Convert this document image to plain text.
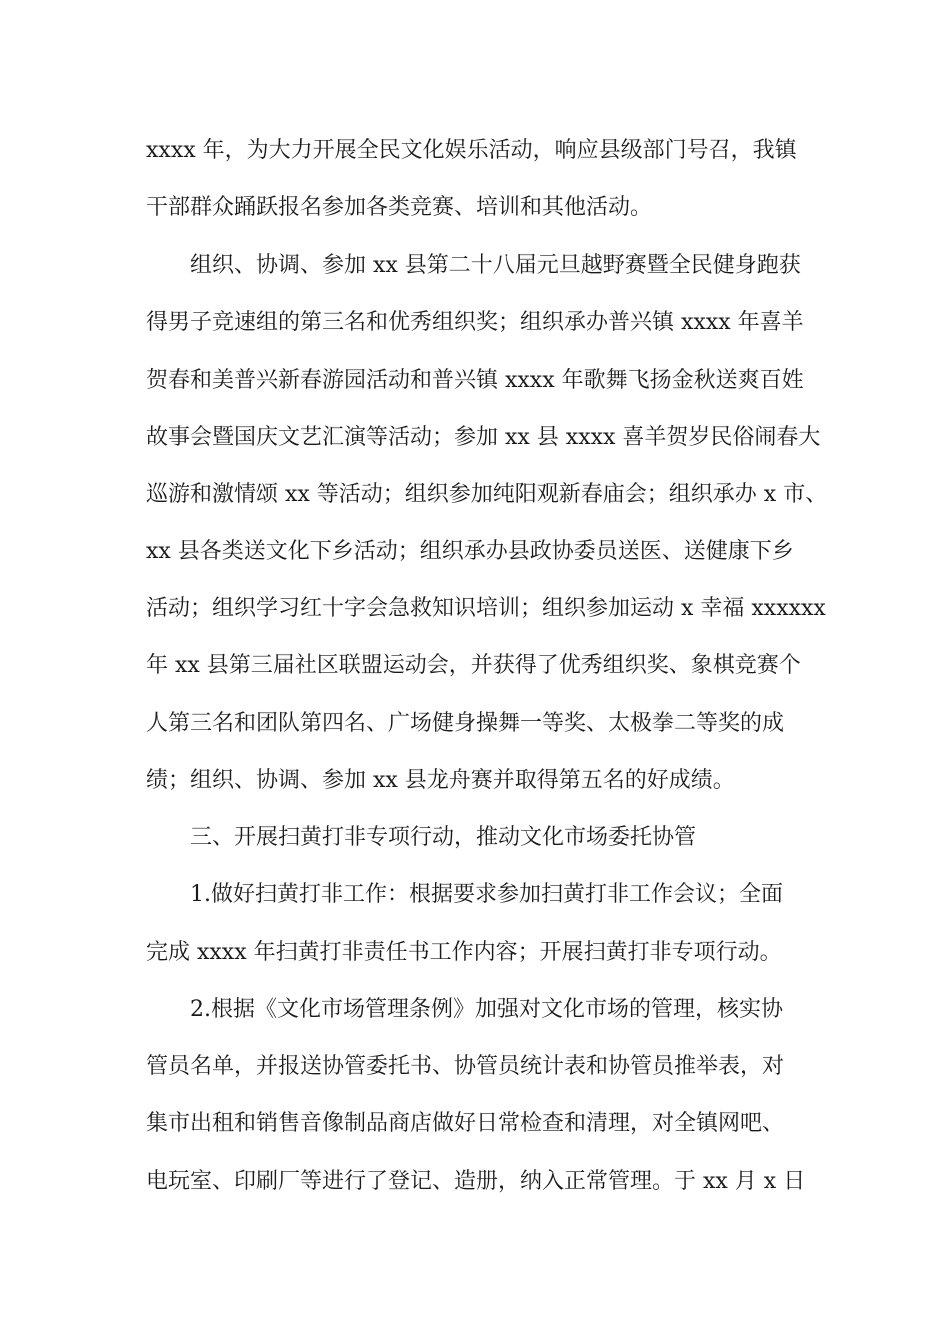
xxxx 年，为大力开展全民文化娱乐活动，响应县级部门号召，我镇
干部群众踊跃报名参加各类竞赛、培训和其他活动。
组织、协调、参加 xx 县第二十八届元旦越野赛暨全民健身跑获
得男子竞速组的第三名和优秀组织奖；组织承办普兴镇 xxxx 年喜羊
贺春和美普兴新春游园活动和普兴镇 xxxx 年歌舞飞扬金秋送爽百姓
故事会暨国庆文艺汇演等活动；参加 xx 县 xxxx 喜羊贺岁民俗闹春大
巡游和激情颂 xx 等活动；组织参加纯阳观新春庙会；组织承办 x 市、
xx 县各类送文化下乡活动；组织承办县政协委员送医、送健康下乡
活动；组织学习红十字会急救知识培训；组织参加运动 x 幸福 xxxxxx
年 xx 县第三届社区联盟运动会，并获得了优秀组织奖、象棋竞赛个
人第三名和团队第四名、广场健身操舞一等奖、太极拳二等奖的成
绩；组织、协调、参加 xx 县龙舟赛并取得第五名的好成绩。
三、开展扫黄打非专项行动，推动文化市场委托协管
1.做好扫黄打非工作：根据要求参加扫黄打非工作会议；全面
完成 xxxx 年扫黄打非责任书工作内容；开展扫黄打非专项行动。
2.根据《文化市场管理条例》加强对文化市场的管理，核实协
管员名单，并报送协管委托书、协管员统计表和协管员推举表，对
集市出租和销售音像制品商店做好日常检查和清理，对全镇网吧、
电玩室、印刷厂等进行了登记、造册，纳入正常管理。于 xx 月 x 日
